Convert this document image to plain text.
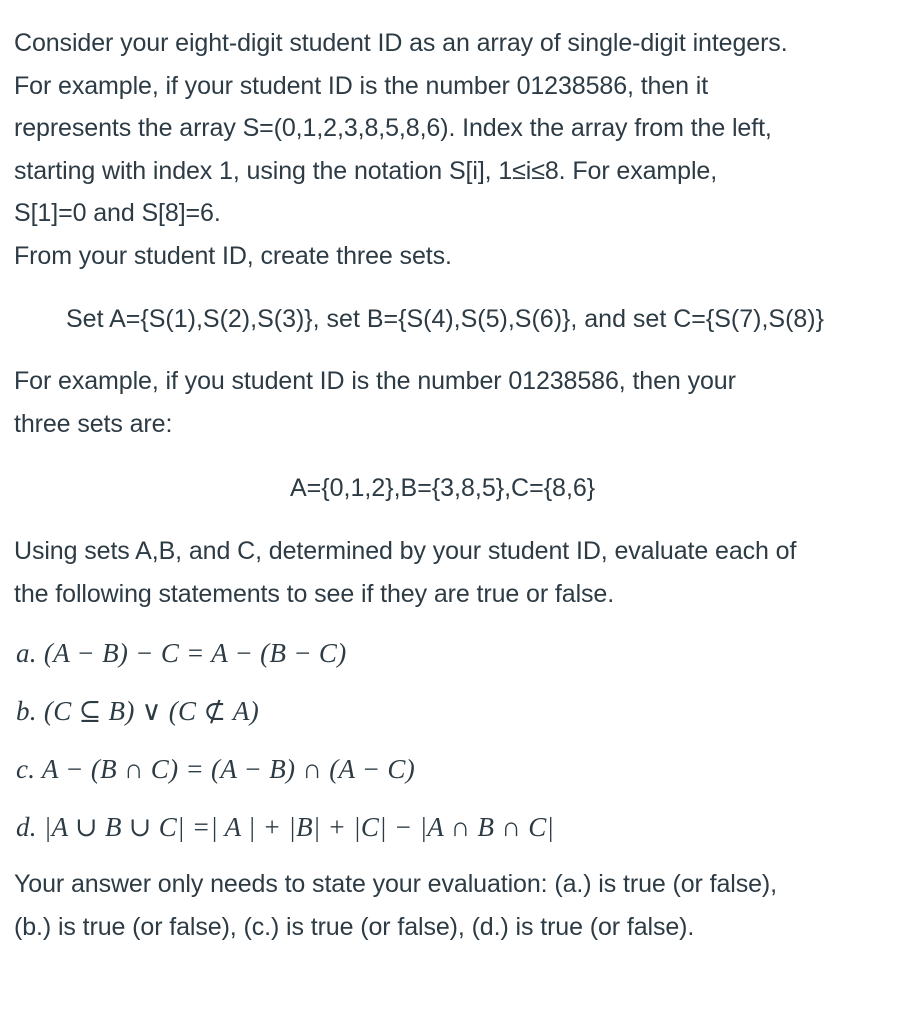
Consider your eight-digit student ID as an array of single-digit integers.
For example, if your student ID is the number 01238586, then it
represents the array S=(0,1,2,3,8,5,8,6). Index the array from the left,
starting with index 1, using the notation S[i], 1≤i≤8. For example,
S[1]=0 and S[8]=6.
From your student ID, create three sets.

Set A={S(1),S(2),S(3)}, set B={S(4),S(5),S(6)}, and set C={S(7),S(8)}

For example, if you student ID is the number 01238586, then your
three sets are:

A={0,1,2},B={3,8,5},C={8,6}

Using sets A,B, and C, determined by your student ID, evaluate each of
the following statements to see if they are true or false.

a. (A − B) − C = A − (B − C)

b. (C ⊆ B) ∨ (C ⊄ A)

c. A − (B ∩ C) = (A − B) ∩ (A − C)

d. |A ∪ B ∪ C| =| A | + |B| + |C| − |A ∩ B ∩ C|

Your answer only needs to state your evaluation: (a.) is true (or false),
(b.) is true (or false), (c.) is true (or false), (d.) is true (or false).
